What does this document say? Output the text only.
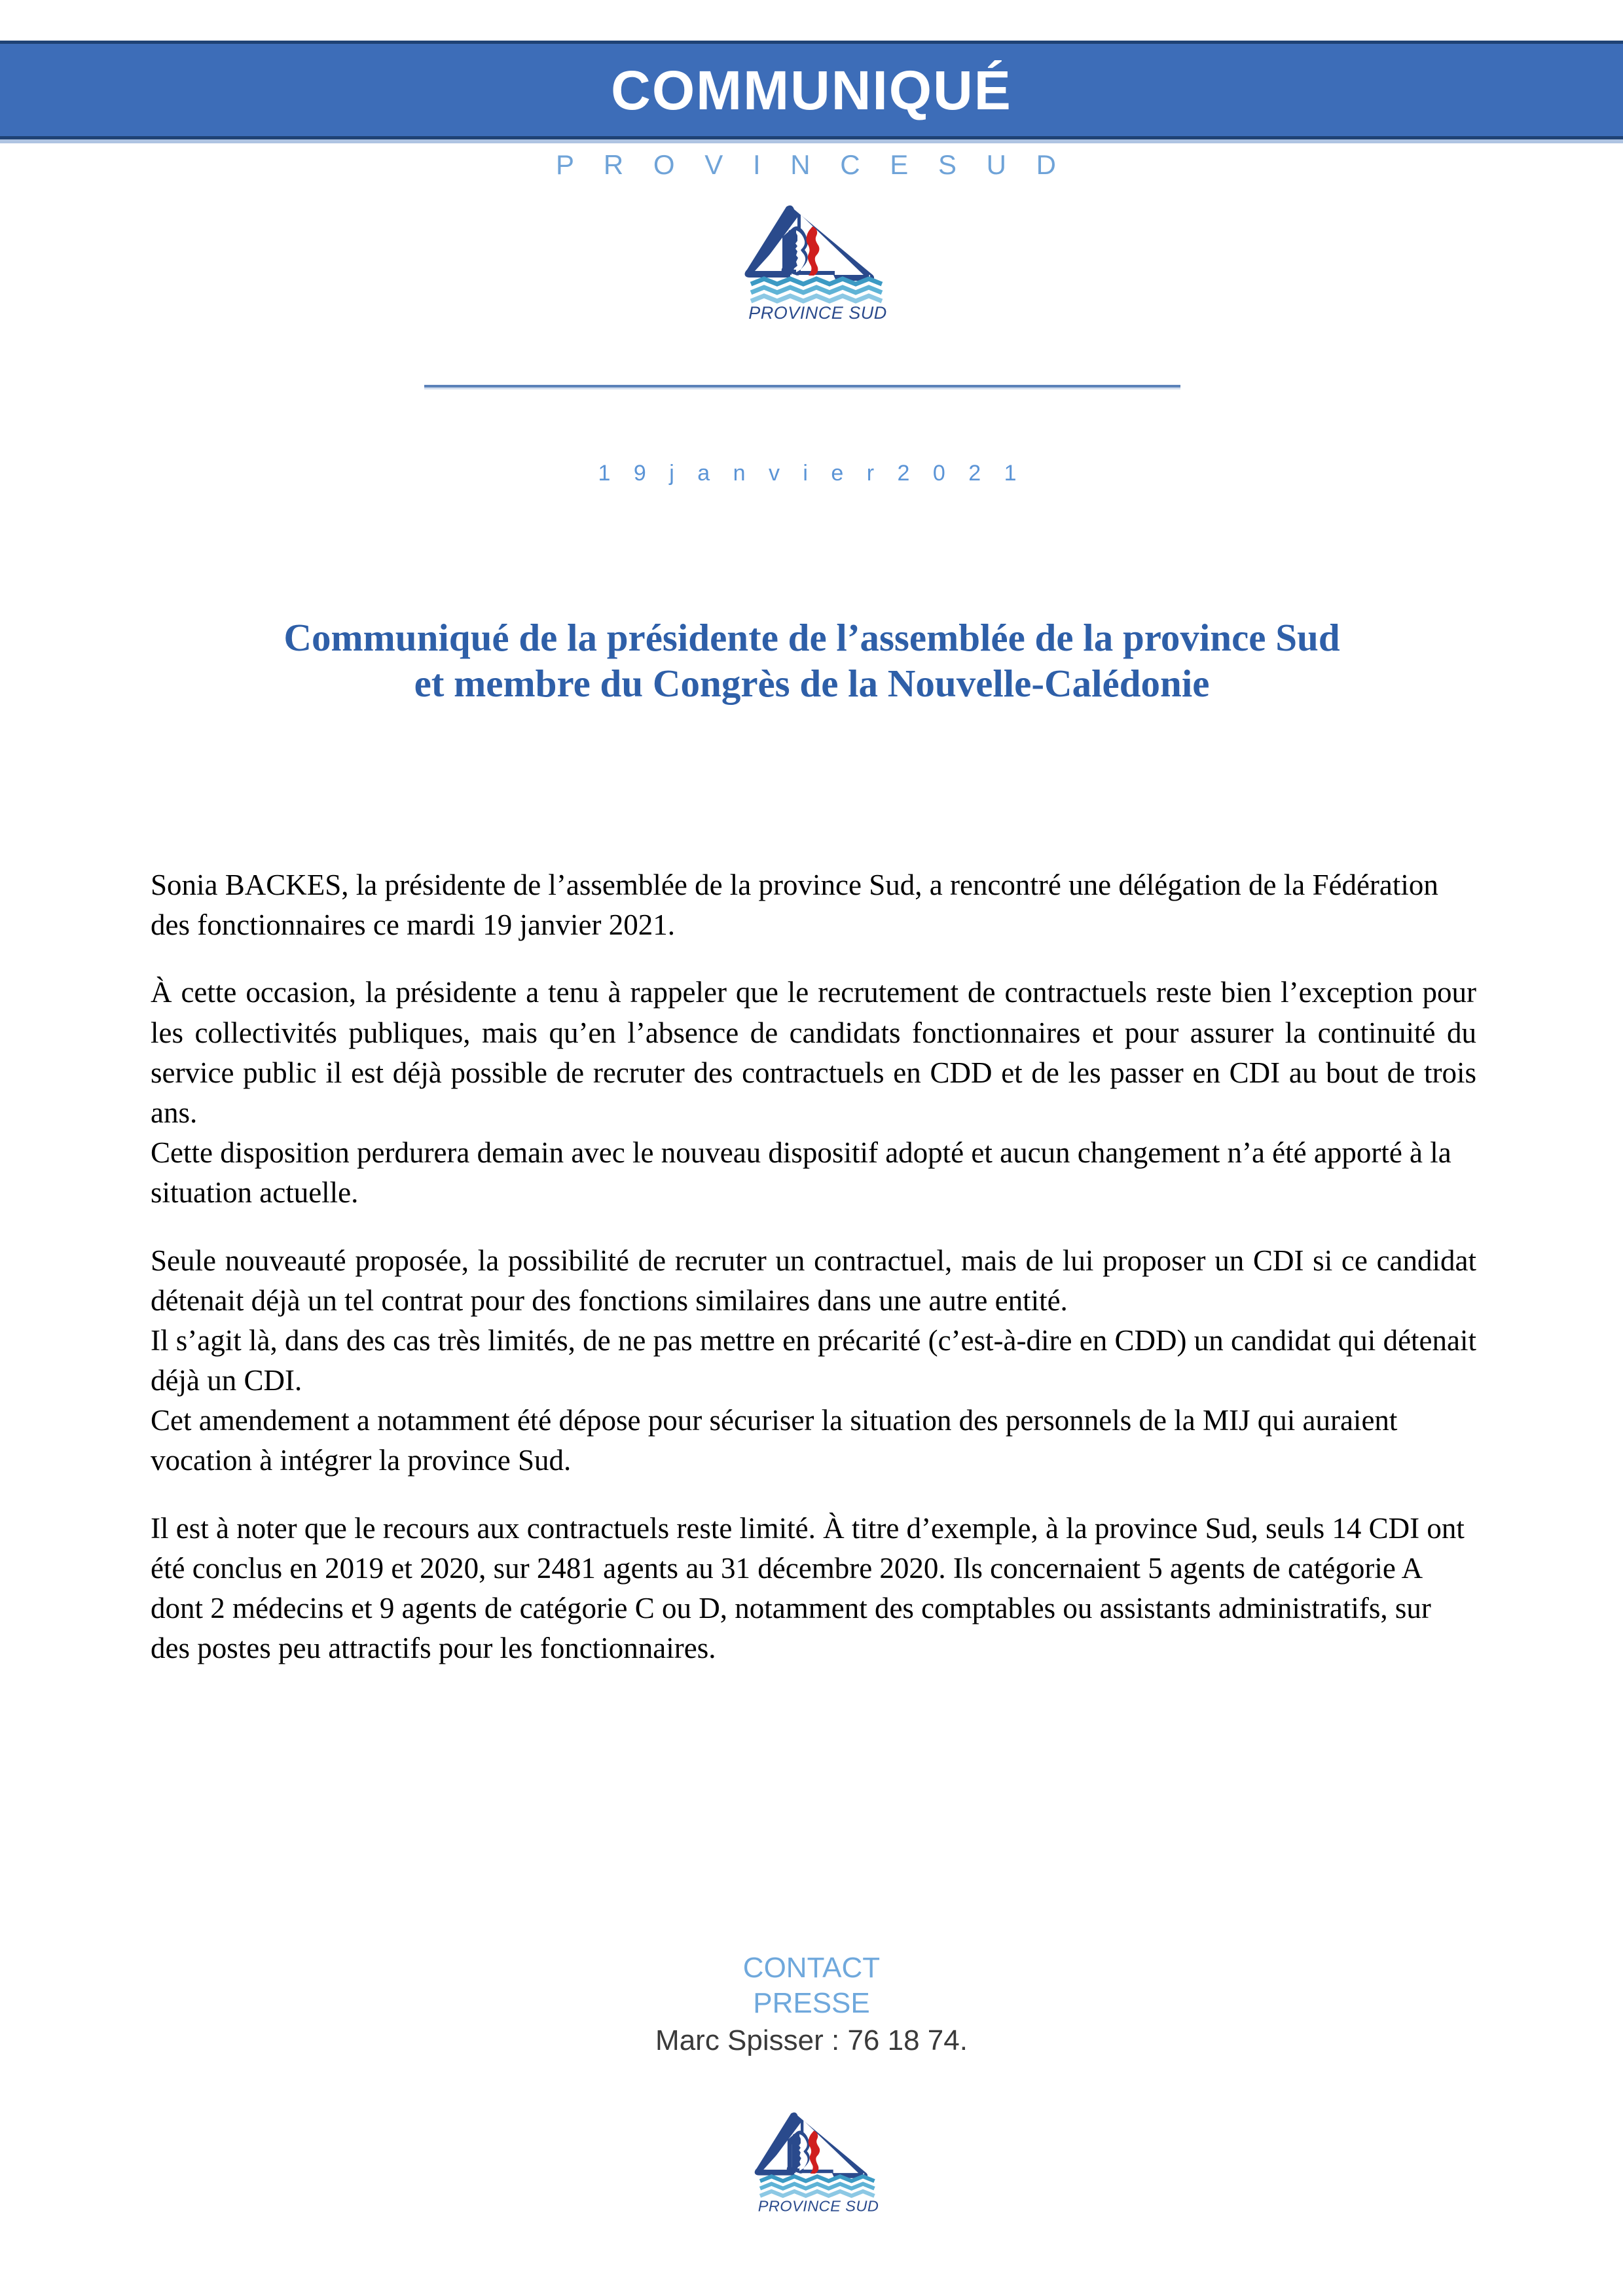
COMMUNIQUÉ
P R O V I N C E S U D
PROVINCE SUD
1 9 j a n v i e r 2 0 2 1
Communiqué de la présidente de l’assemblée de la province Sud
et membre du Congrès de la Nouvelle-Calédonie

Sonia BACKES, la présidente de l’assemblée de la province Sud, a rencontré une délégation de la Fédération des fonctionnaires ce mardi 19 janvier 2021.

À cette occasion, la présidente a tenu à rappeler que le recrutement de contractuels reste bien l’exception pour les collectivités publiques, mais qu’en l’absence de candidats fonctionnaires et pour assurer la continuité du service public il est déjà possible de recruter des contractuels en CDD et de les passer en CDI au bout de trois ans.
Cette disposition perdurera demain avec le nouveau dispositif adopté et aucun changement n’a été apporté à la situation actuelle.

Seule nouveauté proposée, la possibilité de recruter un contractuel, mais de lui proposer un CDI si ce candidat détenait déjà un tel contrat pour des fonctions similaires dans une autre entité.
Il s’agit là, dans des cas très limités, de ne pas mettre en précarité (c’est-à-dire en CDD) un candidat qui détenait déjà un CDI.
Cet amendement a notamment été dépose pour sécuriser la situation des personnels de la MIJ qui auraient vocation à intégrer la province Sud.

Il est à noter que le recours aux contractuels reste limité. À titre d’exemple, à la province Sud, seuls 14 CDI ont été conclus en 2019 et 2020, sur 2481 agents au 31 décembre 2020. Ils concernaient 5 agents de catégorie A dont 2 médecins et 9 agents de catégorie C ou D, notamment des comptables ou assistants administratifs, sur des postes peu attractifs pour les fonctionnaires.

CONTACT
PRESSE
Marc Spisser : 76 18 74.
PROVINCE SUD
